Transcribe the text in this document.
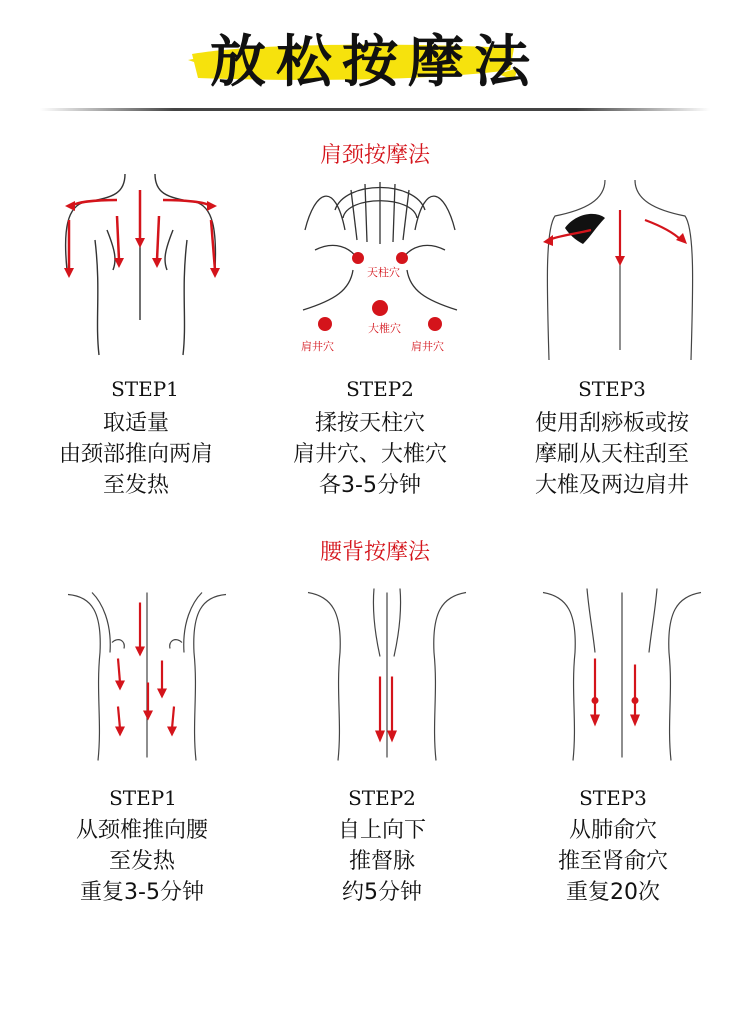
放松按摩法
肩颈按摩法
天柱穴
大椎穴
肩井穴	肩井穴
STEP1
取适量
由颈部推向两肩
至发热
STEP2
揉按天柱穴
肩井穴、大椎穴
各3-5分钟
STEP3
使用刮痧板或按
摩刷从天柱刮至
大椎及两边肩井
腰背按摩法
STEP1
从颈椎推向腰
至发热
重复3-5分钟
STEP2
自上向下
推督脉
约5分钟
STEP3
从肺俞穴
推至肾俞穴
重复20次
